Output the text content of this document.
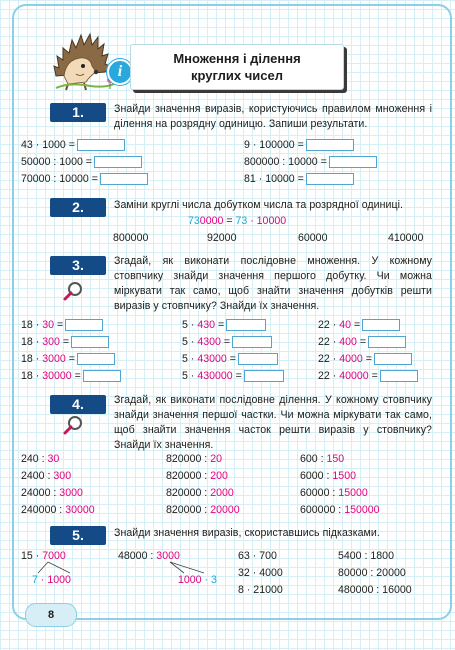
i
Множення і ділення
круглих чисел
1.	Знайди значення виразів, користуючись правилом множення і ділення на розрядну одиницю. Запиши результати.
43 · 1000 =
50000 : 1000 =
70000 : 10000 =
9 · 100000 =
800000 : 10000 =
81 · 10000 =
2.	Заміни круглі числа добутком числа та розрядної одиниці.
730000 = 73 · 10000
800000	92000	60000	410000
3.	Згадай, як виконати послідовне множення. У кожному стовпчику знайди значення першого добутку. Чи можна міркувати так само, щоб знайти значення добутків решти виразів у стовпчику? Знайди їх значення.
18 · 30 =
18 · 300 =
18 · 3000 =
18 · 30000 =
5 · 430 =
5 · 4300 =
5 · 43000 =
5 · 430000 =
22 · 40 =
22 · 400 =
22 · 4000 =
22 · 40000 =
4.	Згадай, як виконати послідовне ділення. У кожному стовпчику знайди значення першої частки. Чи можна міркувати так само, щоб знайти значення часток решти виразів у стовпчику? Знайди їх значення.
240 : 30
2400 : 300
24000 : 3000
240000 : 30000
820000 : 20
820000 : 200
820000 : 2000
820000 : 20000
600 : 150
6000 : 1500
60000 : 15000
600000 : 150000
5.	Знайди значення виразів, скориставшись підказками.
15 · 7000
7 · 1000
48000 : 3000
1000 · 3
63 · 700
32 · 4000
8 · 21000
5400 : 1800
80000 : 20000
480000 : 16000
8
